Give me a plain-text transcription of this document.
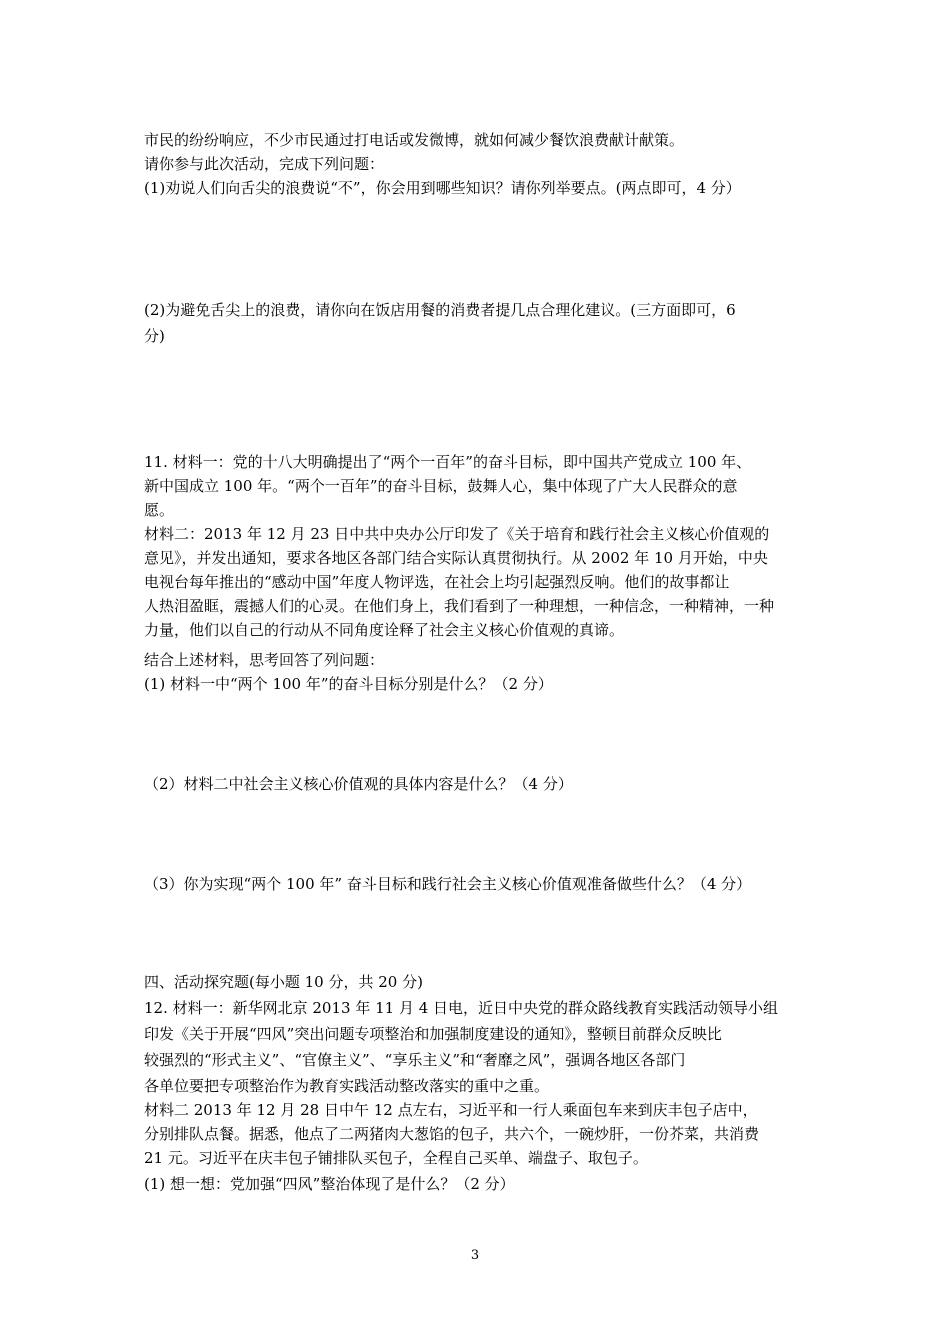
市民的纷纷响应，不少市民通过打电话或发微博，就如何减少餐饮浪费献计献策。
请你参与此次活动，完成下列问题：
(1)劝说人们向舌尖的浪费说“不”，你会用到哪些知识？请你列举要点。(两点即可，4 分）
(2)为避免舌尖上的浪费，请你向在饭店用餐的消费者提几点合理化建议。(三方面即可，6
分)
11. 材料一：党的十八大明确提出了“两个一百年”的奋斗目标，即中国共产党成立 100 年、
新中国成立 100 年。“两个一百年”的奋斗目标，鼓舞人心，集中体现了广大人民群众的意
愿。
材料二：2013 年 12 月 23 日中共中央办公厅印发了《关于培育和践行社会主义核心价值观的
意见》，并发出通知，要求各地区各部门结合实际认真贯彻执行。从 2002 年 10 月开始，中央
电视台每年推出的“感动中国”年度人物评选，在社会上均引起强烈反响。他们的故事都让
人热泪盈眶，震撼人们的心灵。在他们身上，我们看到了一种理想，一种信念，一种精神，一种
力量，他们以自己的行动从不同角度诠释了社会主义核心价值观的真谛。
结合上述材料，思考回答了列问题：
(1) 材料一中“两个 100 年”的奋斗目标分别是什么？（2 分）
（2）材料二中社会主义核心价值观的具体内容是什么？（4 分）
（3）你为实现“两个 100 年” 奋斗目标和践行社会主义核心价值观准备做些什么？（4 分）
四、活动探究题(每小题 10 分，共 20 分)
12. 材料一：新华网北京 2013 年 11 月 4 日电，近日中央党的群众路线教育实践活动领导小组
印发《关于开展“四风”突出问题专项整治和加强制度建设的通知》，整顿目前群众反映比
较强烈的“形式主义”、“官僚主义”、“享乐主义”和“奢靡之风”，强调各地区各部门
各单位要把专项整治作为教育实践活动整改落实的重中之重。
材料二 2013 年 12 月 28 日中午 12 点左右，习近平和一行人乘面包车来到庆丰包子店中，
分别排队点餐。据悉，他点了二两猪肉大葱馅的包子，共六个，一碗炒肝，一份芥菜，共消费
21 元。习近平在庆丰包子铺排队买包子，全程自己买单、端盘子、取包子。
(1) 想一想：党加强“四风”整治体现了是什么？（2 分）
3
